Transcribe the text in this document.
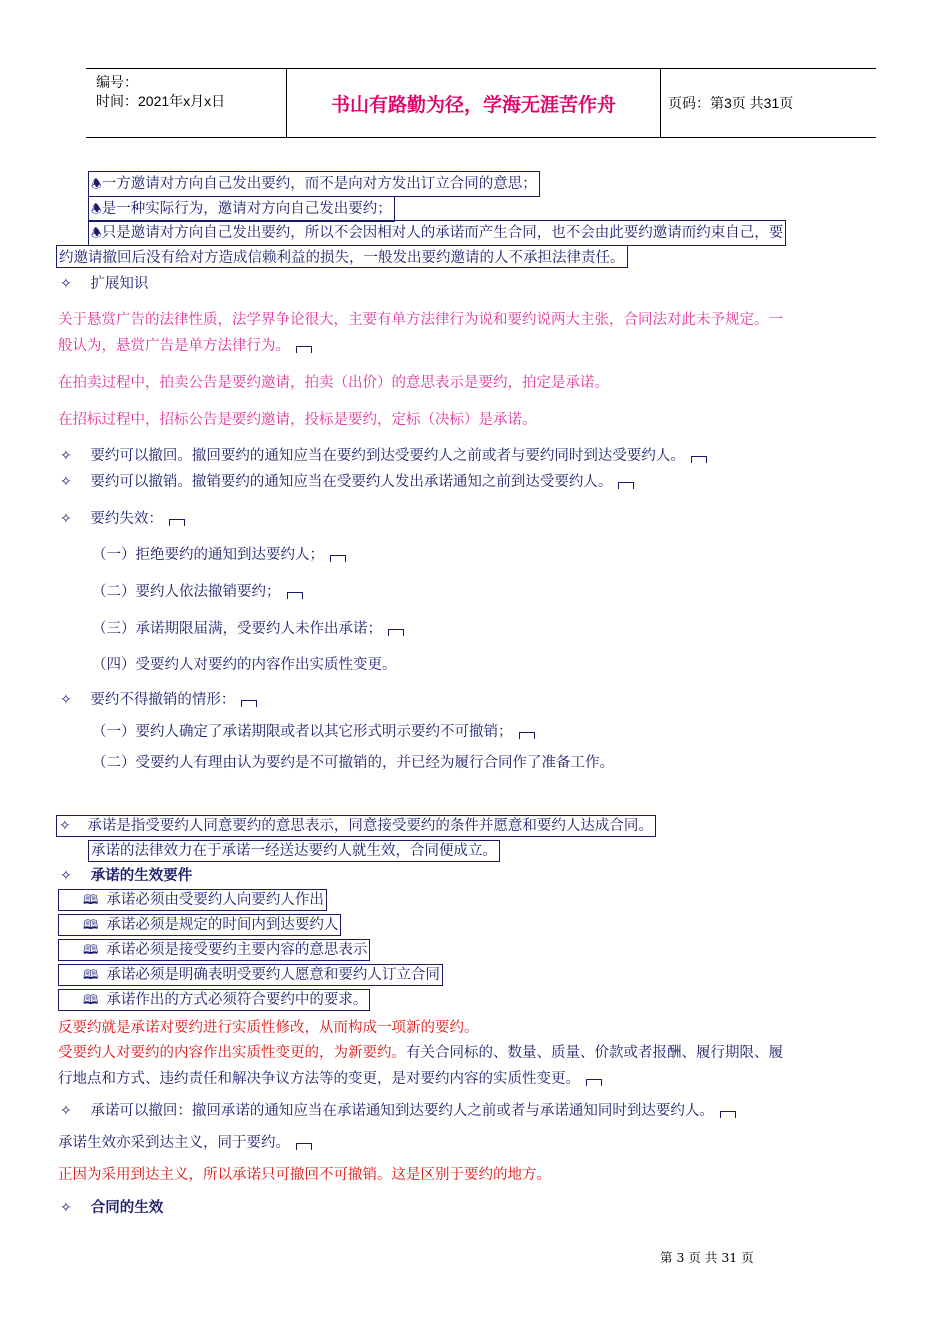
编号：
时间：2021年x月x日	书山有路勤为径，学海无涯苦作舟	页码：第3页 共31页
🕭一方邀请对方向自己发出要约，而不是向对方发出订立合同的意思；
🕭是一种实际行为，邀请对方向自己发出要约；
🕭只是邀请对方向自己发出要约，所以不会因相对人的承诺而产生合同，也不会由此要约邀请而约束自己，要
约邀请撤回后没有给对方造成信赖利益的损失，一般发出要约邀请的人不承担法律责任。
✧ 扩展知识
关于悬赏广告的法律性质，法学界争论很大，主要有单方法律行为说和要约说两大主张，合同法对此未予规定。一
般认为，悬赏广告是单方法律行为。
在拍卖过程中，拍卖公告是要约邀请，拍卖（出价）的意思表示是要约，拍定是承诺。
在招标过程中，招标公告是要约邀请，投标是要约，定标（决标）是承诺。
✧ 要约可以撤回。撤回要约的通知应当在要约到达受要约人之前或者与要约同时到达受要约人。
✧ 要约可以撤销。撤销要约的通知应当在受要约人发出承诺通知之前到达受要约人。
✧ 要约失效：
（一）拒绝要约的通知到达要约人；
（二）要约人依法撤销要约；
（三）承诺期限届满，受要约人未作出承诺；
（四）受要约人对要约的内容作出实质性变更。
✧ 要约不得撤销的情形：
（一）要约人确定了承诺期限或者以其它形式明示要约不可撤销；
（二）受要约人有理由认为要约是不可撤销的，并已经为履行合同作了准备工作。
✧ 承诺是指受要约人同意要约的意思表示，同意接受要约的条件并愿意和要约人达成合同。
承诺的法律效力在于承诺一经送达要约人就生效，合同便成立。
✧ 承诺的生效要件
🕮 承诺必须由受要约人向要约人作出
🕮 承诺必须是规定的时间内到达要约人
🕮 承诺必须是接受要约主要内容的意思表示
🕮 承诺必须是明确表明受要约人愿意和要约人订立合同
🕮 承诺作出的方式必须符合要约中的要求。
反要约就是承诺对要约进行实质性修改，从而构成一项新的要约。
受要约人对要约的内容作出实质性变更的，为新要约。有关合同标的、数量、质量、价款或者报酬、履行期限、履
行地点和方式、违约责任和解决争议方法等的变更，是对要约内容的实质性变更。
✧ 承诺可以撤回：撤回承诺的通知应当在承诺通知到达要约人之前或者与承诺通知同时到达要约人。
承诺生效亦采到达主义，同于要约。
正因为采用到达主义，所以承诺只可撤回不可撤销。这是区别于要约的地方。
✧ 合同的生效
第 3 页 共 31 页
